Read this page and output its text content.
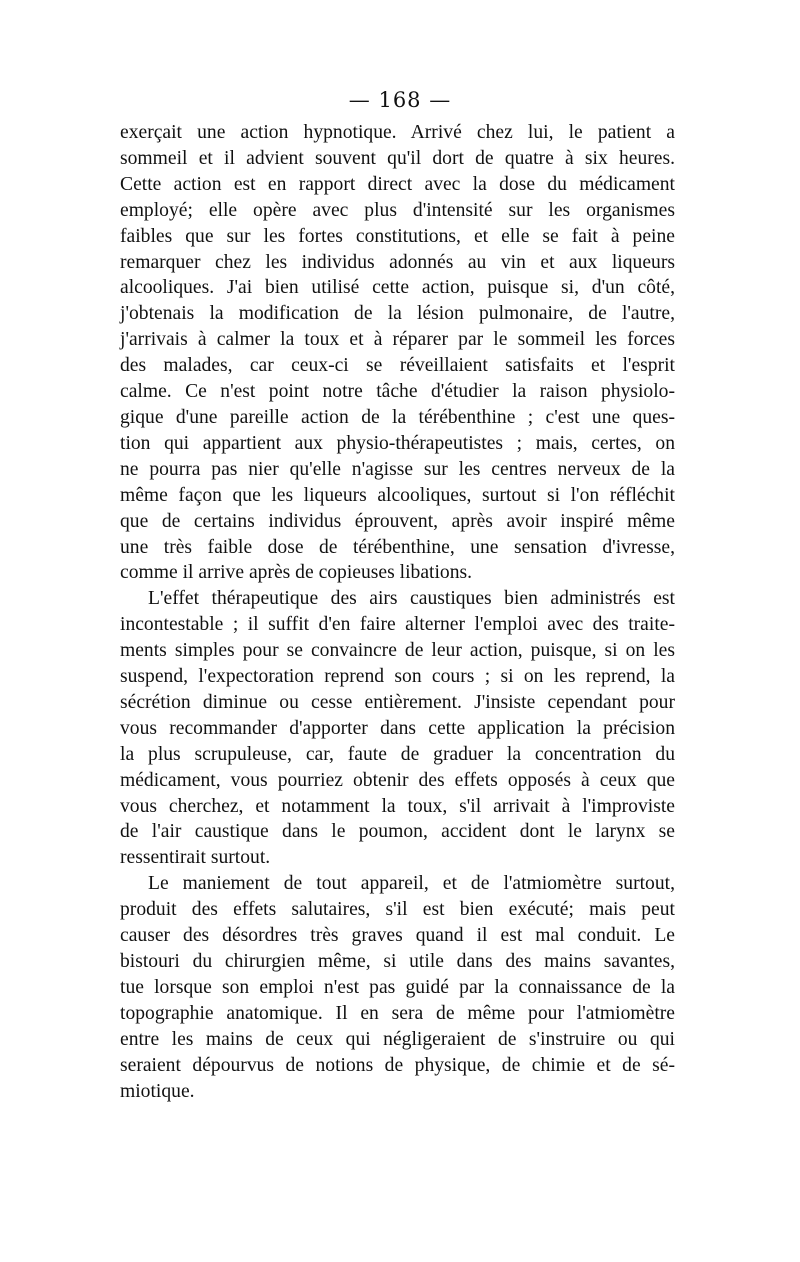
— 168 —
exerçait une action hypnotique. Arrivé chez lui, le patient a
sommeil et il advient souvent qu'il dort de quatre à six heures.
Cette action est en rapport direct avec la dose du médicament
employé; elle opère avec plus d'intensité sur les organismes
faibles que sur les fortes constitutions, et elle se fait à peine
remarquer chez les individus adonnés au vin et aux liqueurs
alcooliques. J'ai bien utilisé cette action, puisque si, d'un côté,
j'obtenais la modification de la lésion pulmonaire, de l'autre,
j'arrivais à calmer la toux et à réparer par le sommeil les forces
des malades, car ceux-ci se réveillaient satisfaits et l'esprit
calme. Ce n'est point notre tâche d'étudier la raison physiolo-
gique d'une pareille action de la térébenthine ; c'est une ques-
tion qui appartient aux physio-thérapeutistes ; mais, certes, on
ne pourra pas nier qu'elle n'agisse sur les centres nerveux de la
même façon que les liqueurs alcooliques, surtout si l'on réfléchit
que de certains individus éprouvent, après avoir inspiré même
une très faible dose de térébenthine, une sensation d'ivresse,
comme il arrive après de copieuses libations.
L'effet thérapeutique des airs caustiques bien administrés est
incontestable ; il suffit d'en faire alterner l'emploi avec des traite-
ments simples pour se convaincre de leur action, puisque, si on les
suspend, l'expectoration reprend son cours ; si on les reprend, la
sécrétion diminue ou cesse entièrement. J'insiste cependant pour
vous recommander d'apporter dans cette application la précision
la plus scrupuleuse, car, faute de graduer la concentration du
médicament, vous pourriez obtenir des effets opposés à ceux que
vous cherchez, et notamment la toux, s'il arrivait à l'improviste
de l'air caustique dans le poumon, accident dont le larynx se
ressentirait surtout.
Le maniement de tout appareil, et de l'atmiomètre surtout,
produit des effets salutaires, s'il est bien exécuté; mais peut
causer des désordres très graves quand il est mal conduit. Le
bistouri du chirurgien même, si utile dans des mains savantes,
tue lorsque son emploi n'est pas guidé par la connaissance de la
topographie anatomique. Il en sera de même pour l'atmiomètre
entre les mains de ceux qui négligeraient de s'instruire ou qui
seraient dépourvus de notions de physique, de chimie et de sé-
miotique.
